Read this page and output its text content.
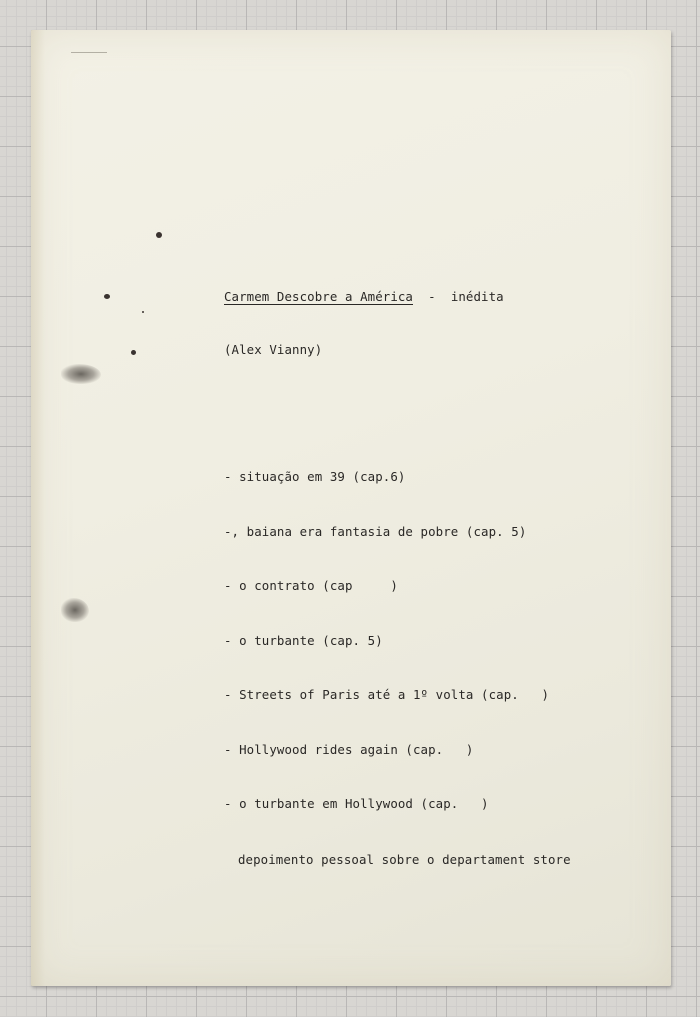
Carmem Descobre a América - inédita

(Alex Vianny)

- situação em 39 (cap.6)

-, baiana era fantasia de pobre (cap. 5)

- o contrato (cap     )

- o turbante (cap. 5)

- Streets of Paris até a 1º volta (cap.   )

- Hollywood rides again (cap.   )

- o turbante em Hollywood (cap.   )

depoimento pessoal sobre o departament store
